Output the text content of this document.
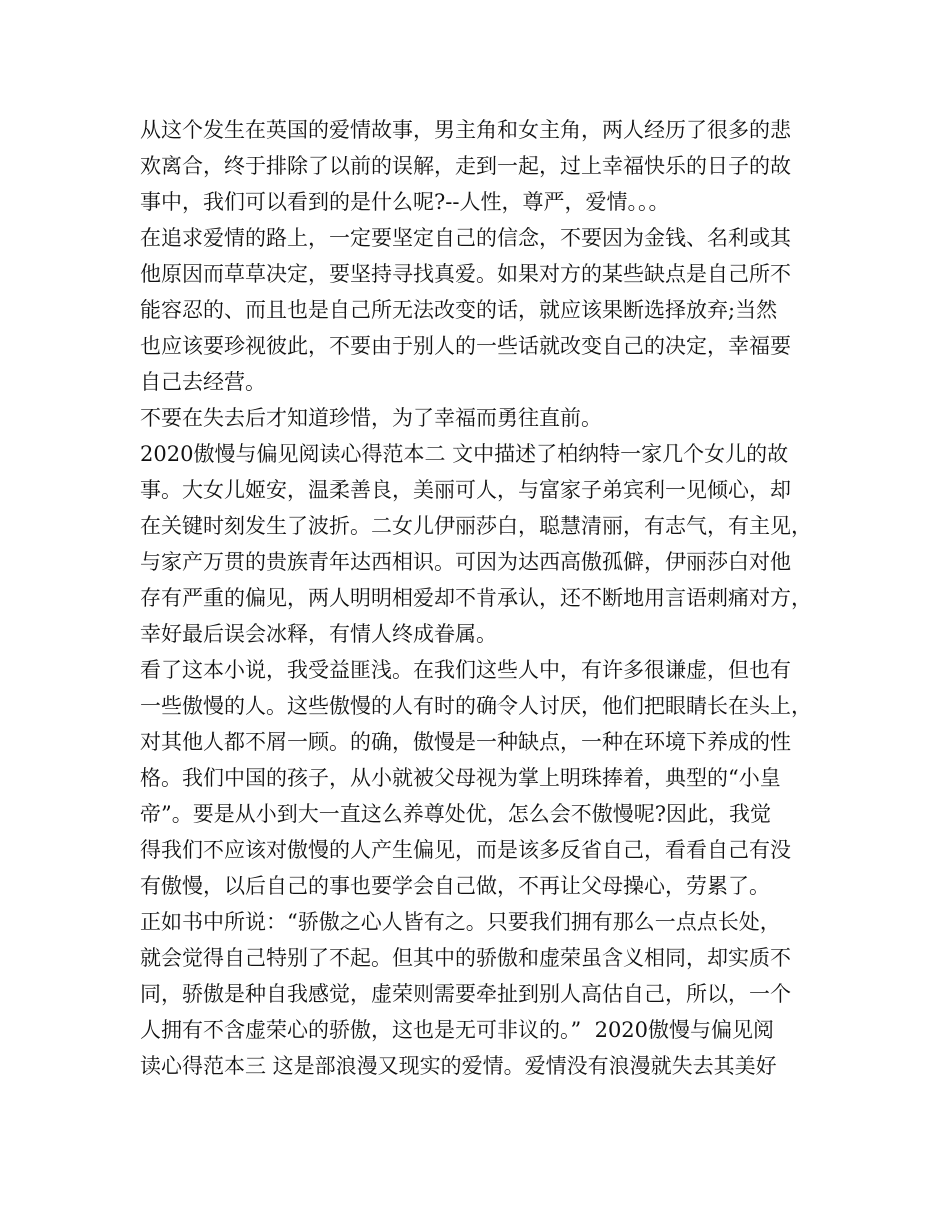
从这个发生在英国的爱情故事，男主角和女主角，两人经历了很多的悲
欢离合，终于排除了以前的误解，走到一起，过上幸福快乐的日子的故
事中，我们可以看到的是什么呢?--人性，尊严，爱情。。。
在追求爱情的路上，一定要坚定自己的信念，不要因为金钱、名利或其
他原因而草草决定，要坚持寻找真爱。如果对方的某些缺点是自己所不
能容忍的、而且也是自己所无法改变的话，就应该果断选择放弃;当然
也应该要珍视彼此，不要由于别人的一些话就改变自己的决定，幸福要
自己去经营。
不要在失去后才知道珍惜，为了幸福而勇往直前。
2020傲慢与偏见阅读心得范本二 文中描述了柏纳特一家几个女儿的故
事。大女儿姬安，温柔善良，美丽可人，与富家子弟宾利一见倾心，却
在关键时刻发生了波折。二女儿伊丽莎白，聪慧清丽，有志气，有主见，
与家产万贯的贵族青年达西相识。可因为达西高傲孤僻，伊丽莎白对他
存有严重的偏见，两人明明相爱却不肯承认，还不断地用言语刺痛对方，
幸好最后误会冰释，有情人终成眷属。
看了这本小说，我受益匪浅。在我们这些人中，有许多很谦虚，但也有
一些傲慢的人。这些傲慢的人有时的确令人讨厌，他们把眼睛长在头上，
对其他人都不屑一顾。的确，傲慢是一种缺点，一种在环境下养成的性
格。我们中国的孩子，从小就被父母视为掌上明珠捧着，典型的“小皇
帝”。要是从小到大一直这么养尊处优，怎么会不傲慢呢?因此，我觉
得我们不应该对傲慢的人产生偏见，而是该多反省自己，看看自己有没
有傲慢，以后自己的事也要学会自己做，不再让父母操心，劳累了。
正如书中所说：“骄傲之心人皆有之。只要我们拥有那么一点点长处，
就会觉得自己特别了不起。但其中的骄傲和虚荣虽含义相同，却实质不
同，骄傲是种自我感觉，虚荣则需要牵扯到别人高估自己，所以，一个
人拥有不含虚荣心的骄傲，这也是无可非议的。”  2020傲慢与偏见阅
读心得范本三 这是部浪漫又现实的爱情。爱情没有浪漫就失去其美好
